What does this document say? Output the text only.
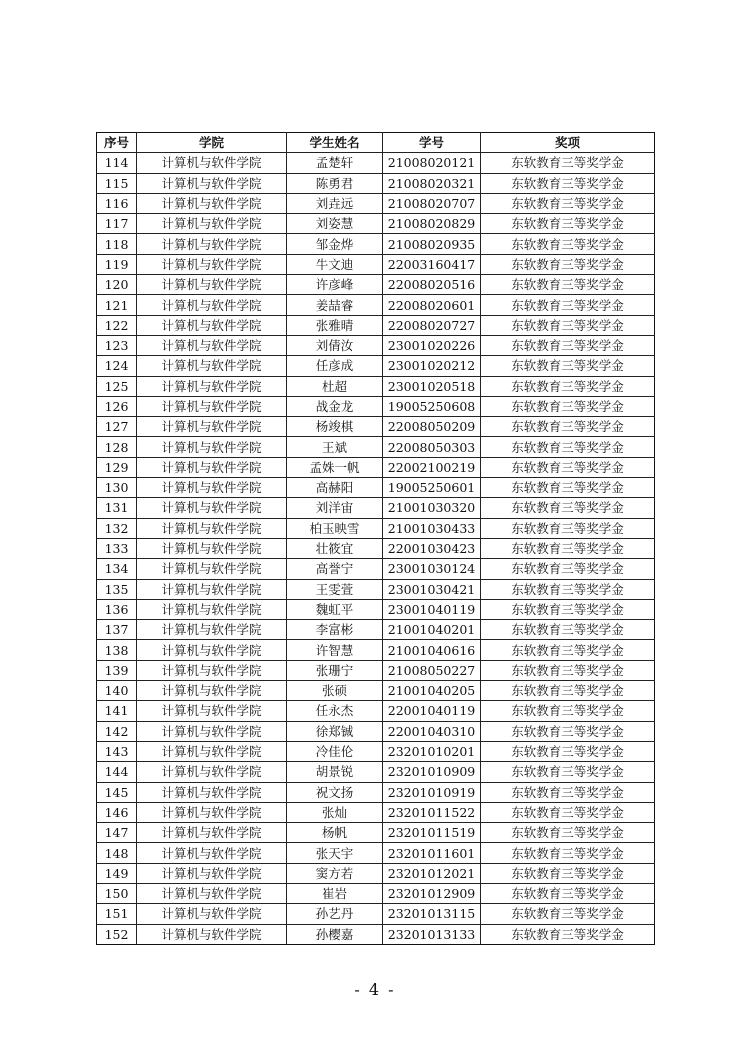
序号	学院	学生姓名	学号	奖项
114	计算机与软件学院	孟楚轩	21008020121	东软教育三等奖学金
115	计算机与软件学院	陈勇君	21008020321	东软教育三等奖学金
116	计算机与软件学院	刘垚远	21008020707	东软教育三等奖学金
117	计算机与软件学院	刘姿慧	21008020829	东软教育三等奖学金
118	计算机与软件学院	邹金烨	21008020935	东软教育三等奖学金
119	计算机与软件学院	牛文迪	22003160417	东软教育三等奖学金
120	计算机与软件学院	许彦峰	22008020516	东软教育三等奖学金
121	计算机与软件学院	姜喆睿	22008020601	东软教育三等奖学金
122	计算机与软件学院	张雅晴	22008020727	东软教育三等奖学金
123	计算机与软件学院	刘倩汝	23001020226	东软教育三等奖学金
124	计算机与软件学院	任彦成	23001020212	东软教育三等奖学金
125	计算机与软件学院	杜超	23001020518	东软教育三等奖学金
126	计算机与软件学院	战金龙	19005250608	东软教育三等奖学金
127	计算机与软件学院	杨竣棋	22008050209	东软教育三等奖学金
128	计算机与软件学院	王斌	22008050303	东软教育三等奖学金
129	计算机与软件学院	孟姝一帆	22002100219	东软教育三等奖学金
130	计算机与软件学院	高赫阳	19005250601	东软教育三等奖学金
131	计算机与软件学院	刘洋宙	21001030320	东软教育三等奖学金
132	计算机与软件学院	柏玉映雪	21001030433	东软教育三等奖学金
133	计算机与软件学院	壮筱宜	22001030423	东软教育三等奖学金
134	计算机与软件学院	高誉宁	23001030124	东软教育三等奖学金
135	计算机与软件学院	王雯萱	23001030421	东软教育三等奖学金
136	计算机与软件学院	魏虹平	23001040119	东软教育三等奖学金
137	计算机与软件学院	李富彬	21001040201	东软教育三等奖学金
138	计算机与软件学院	许智慧	21001040616	东软教育三等奖学金
139	计算机与软件学院	张珊宁	21008050227	东软教育三等奖学金
140	计算机与软件学院	张硕	21001040205	东软教育三等奖学金
141	计算机与软件学院	任永杰	22001040119	东软教育三等奖学金
142	计算机与软件学院	徐郑铖	22001040310	东软教育三等奖学金
143	计算机与软件学院	冷佳伦	23201010201	东软教育三等奖学金
144	计算机与软件学院	胡景锐	23201010909	东软教育三等奖学金
145	计算机与软件学院	祝文扬	23201010919	东软教育三等奖学金
146	计算机与软件学院	张灿	23201011522	东软教育三等奖学金
147	计算机与软件学院	杨帆	23201011519	东软教育三等奖学金
148	计算机与软件学院	张天宇	23201011601	东软教育三等奖学金
149	计算机与软件学院	窦方若	23201012021	东软教育三等奖学金
150	计算机与软件学院	崔岩	23201012909	东软教育三等奖学金
151	计算机与软件学院	孙艺丹	23201013115	东软教育三等奖学金
152	计算机与软件学院	孙樱嘉	23201013133	东软教育三等奖学金
- 4 -
